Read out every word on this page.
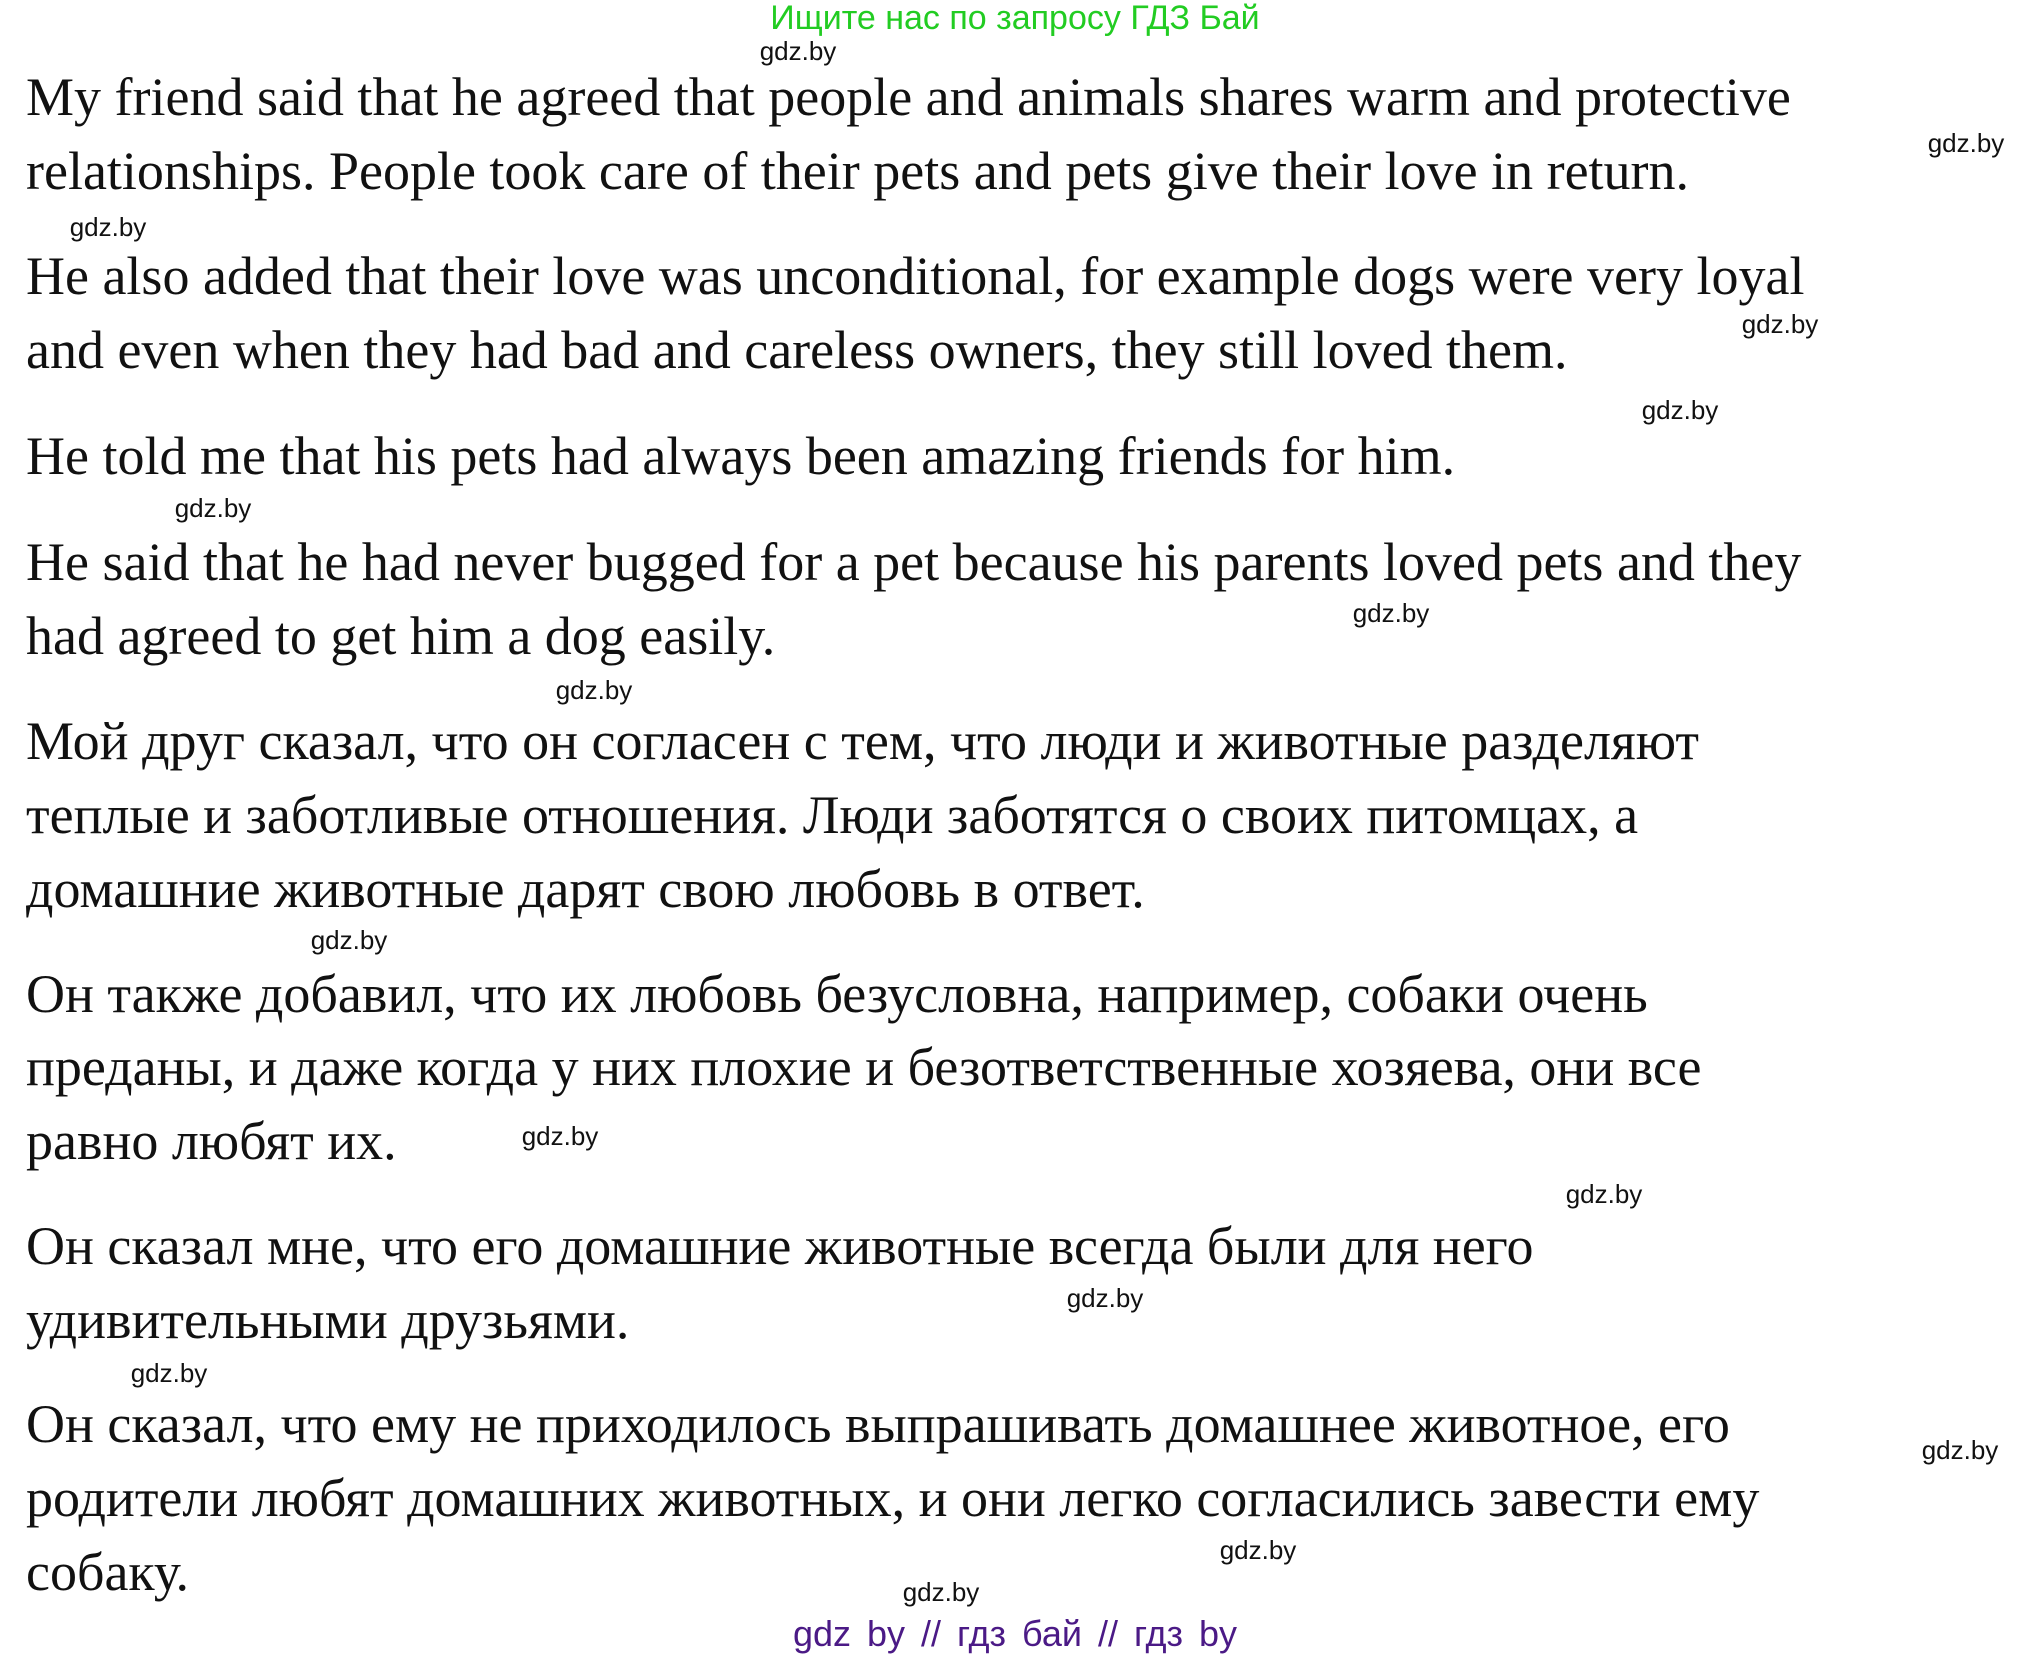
Ищите нас по запросу ГДЗ Бай
My friend said that he agreed that people and animals shares warm and protective
relationships. People took care of their pets and pets give their love in return.
He also added that their love was unconditional, for example dogs were very loyal
and even when they had bad and careless owners, they still loved them.
He told me that his pets had always been amazing friends for him.
He said that he had never bugged for a pet because his parents loved pets and they
had agreed to get him a dog easily.
Мой друг сказал, что он согласен с тем, что люди и животные разделяют
теплые и заботливые отношения. Люди заботятся о своих питомцах, а
домашние животные дарят свою любовь в ответ.
Он также добавил, что их любовь безусловна, например, собаки очень
преданы, и даже когда у них плохие и безответственные хозяева, они все
равно любят их.
Он сказал мне, что его домашние животные всегда были для него
удивительными друзьями.
Он сказал, что ему не приходилось выпрашивать домашнее животное, его
родители любят домашних животных, и они легко согласились завести ему
собаку.
gdz.by
gdz.by
gdz.by
gdz.by
gdz.by
gdz.by
gdz.by
gdz.by
gdz.by
gdz.by
gdz.by
gdz.by
gdz.by
gdz.by
gdz.by
gdz.by
gdz by // гдз бай // гдз by
